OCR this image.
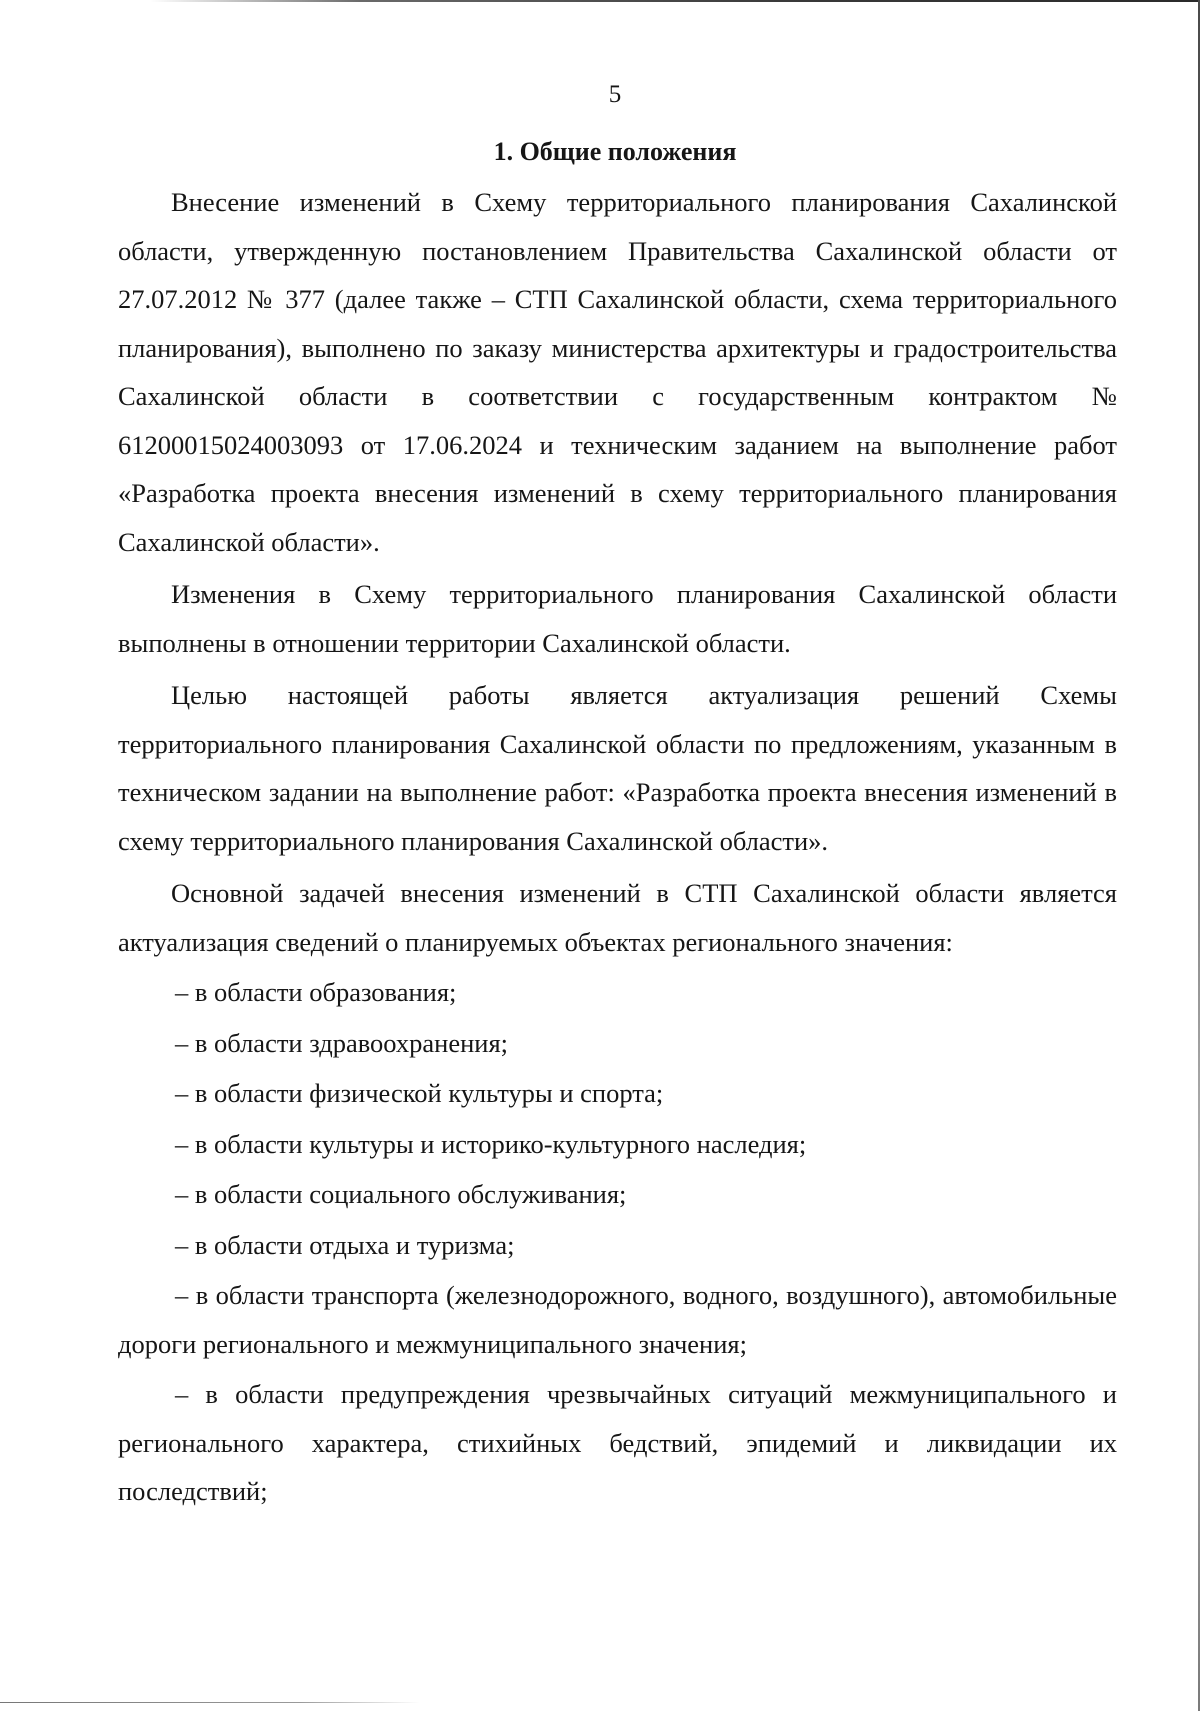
5
1. Общие положения

Внесение изменений в Схему территориального планирования Сахалинской области, утвержденную постановлением Правительства Сахалинской области от 27.07.2012 № 377 (далее также – СТП Сахалинской области, схема территориального планирования), выполнено по заказу министерства архитектуры и градостроительства Сахалинской области в соответствии с государственным контрактом № 61200015024003093 от 17.06.2024 и техническим заданием на выполнение работ «Разработка проекта внесения изменений в схему территориального планирования Сахалинской области».

Изменения в Схему территориального планирования Сахалинской области выполнены в отношении территории Сахалинской области.

Целью настоящей работы является актуализация решений Схемы территориального планирования Сахалинской области по предложениям, указанным в техническом задании на выполнение работ: «Разработка проекта внесения изменений в схему территориального планирования Сахалинской области».

Основной задачей внесения изменений в СТП Сахалинской области является актуализация сведений о планируемых объектах регионального значения:

– в области образования;

– в области здравоохранения;

– в области физической культуры и спорта;

– в области культуры и историко-культурного наследия;

– в области социального обслуживания;

– в области отдыха и туризма;

– в области транспорта (железнодорожного, водного, воздушного), автомобильные дороги регионального и межмуниципального значения;

– в области предупреждения чрезвычайных ситуаций межмуниципального и регионального характера, стихийных бедствий, эпидемий и ликвидации их последствий;
